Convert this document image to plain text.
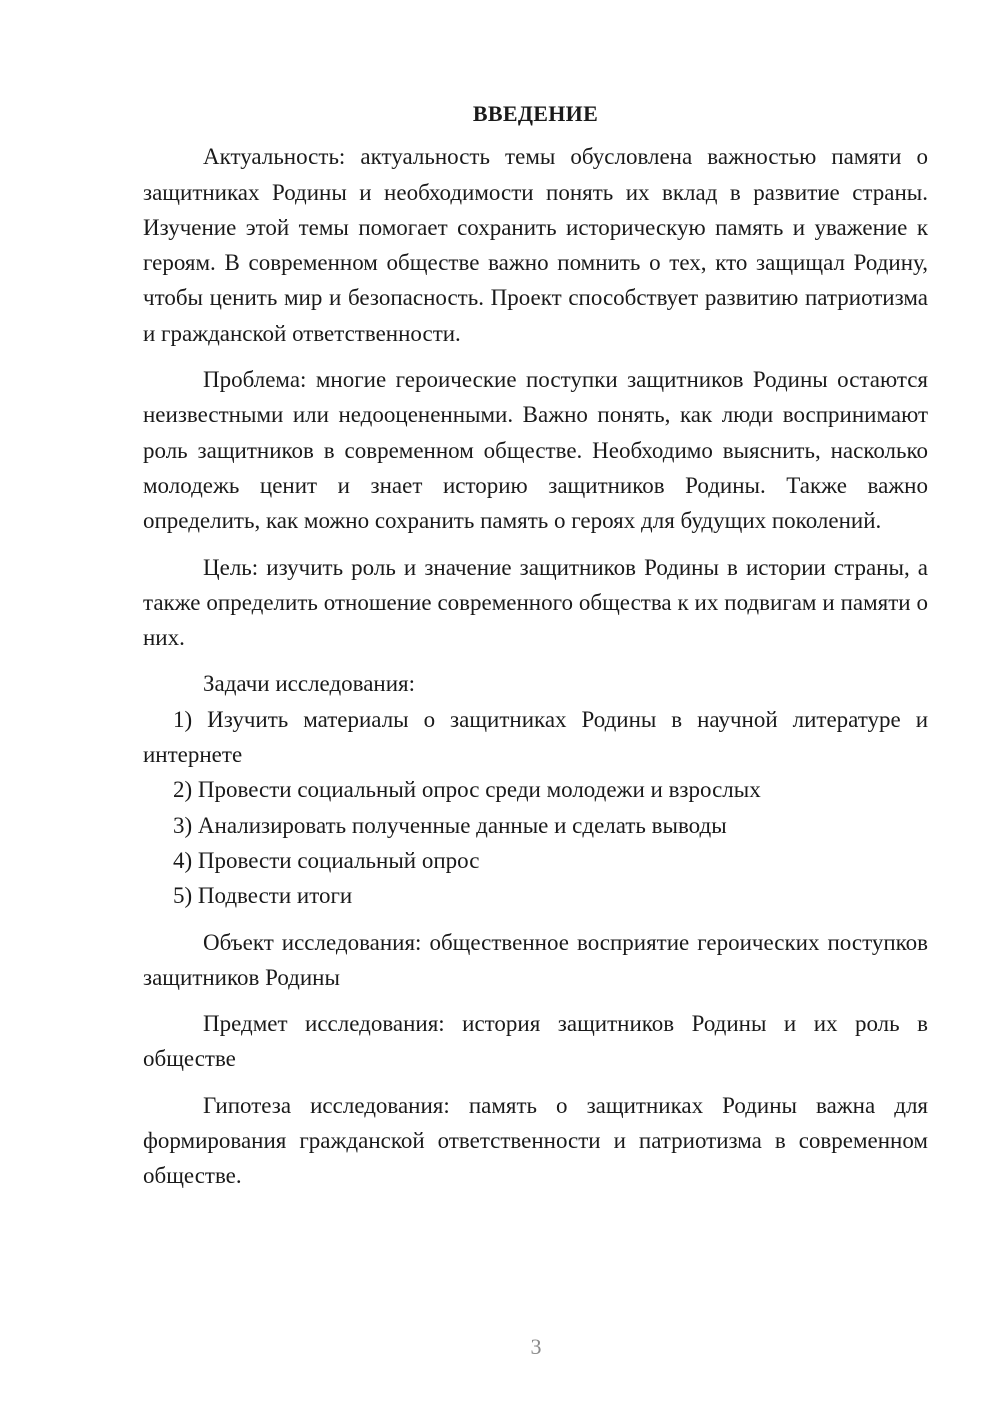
ВВЕДЕНИЕ

Актуальность: актуальность темы обусловлена важностью памяти о защитниках Родины и необходимости понять их вклад в развитие страны. Изучение этой темы помогает сохранить историческую память и уважение к героям. В современном обществе важно помнить о тех, кто защищал Родину, чтобы ценить мир и безопасность. Проект способствует развитию патриотизма и гражданской ответственности.

Проблема: многие героические поступки защитников Родины остаются неизвестными или недооцененными. Важно понять, как люди воспринимают роль защитников в современном обществе. Необходимо выяснить, насколько молодежь ценит и знает историю защитников Родины. Также важно определить, как можно сохранить память о героях для будущих поколений.

Цель: изучить роль и значение защитников Родины в истории страны, а также определить отношение современного общества к их подвигам и памяти о них.

Задачи исследования:

1) Изучить материалы о защитниках Родины в научной литературе и интернете

2) Провести социальный опрос среди молодежи и взрослых

3) Анализировать полученные данные и сделать выводы

4) Провести социальный опрос

5) Подвести итоги

Объект исследования: общественное восприятие героических поступков защитников Родины

Предмет исследования: история защитников Родины и их роль в обществе

Гипотеза исследования: память о защитниках Родины важна для формирования гражданской ответственности и патриотизма в современном обществе.

3
